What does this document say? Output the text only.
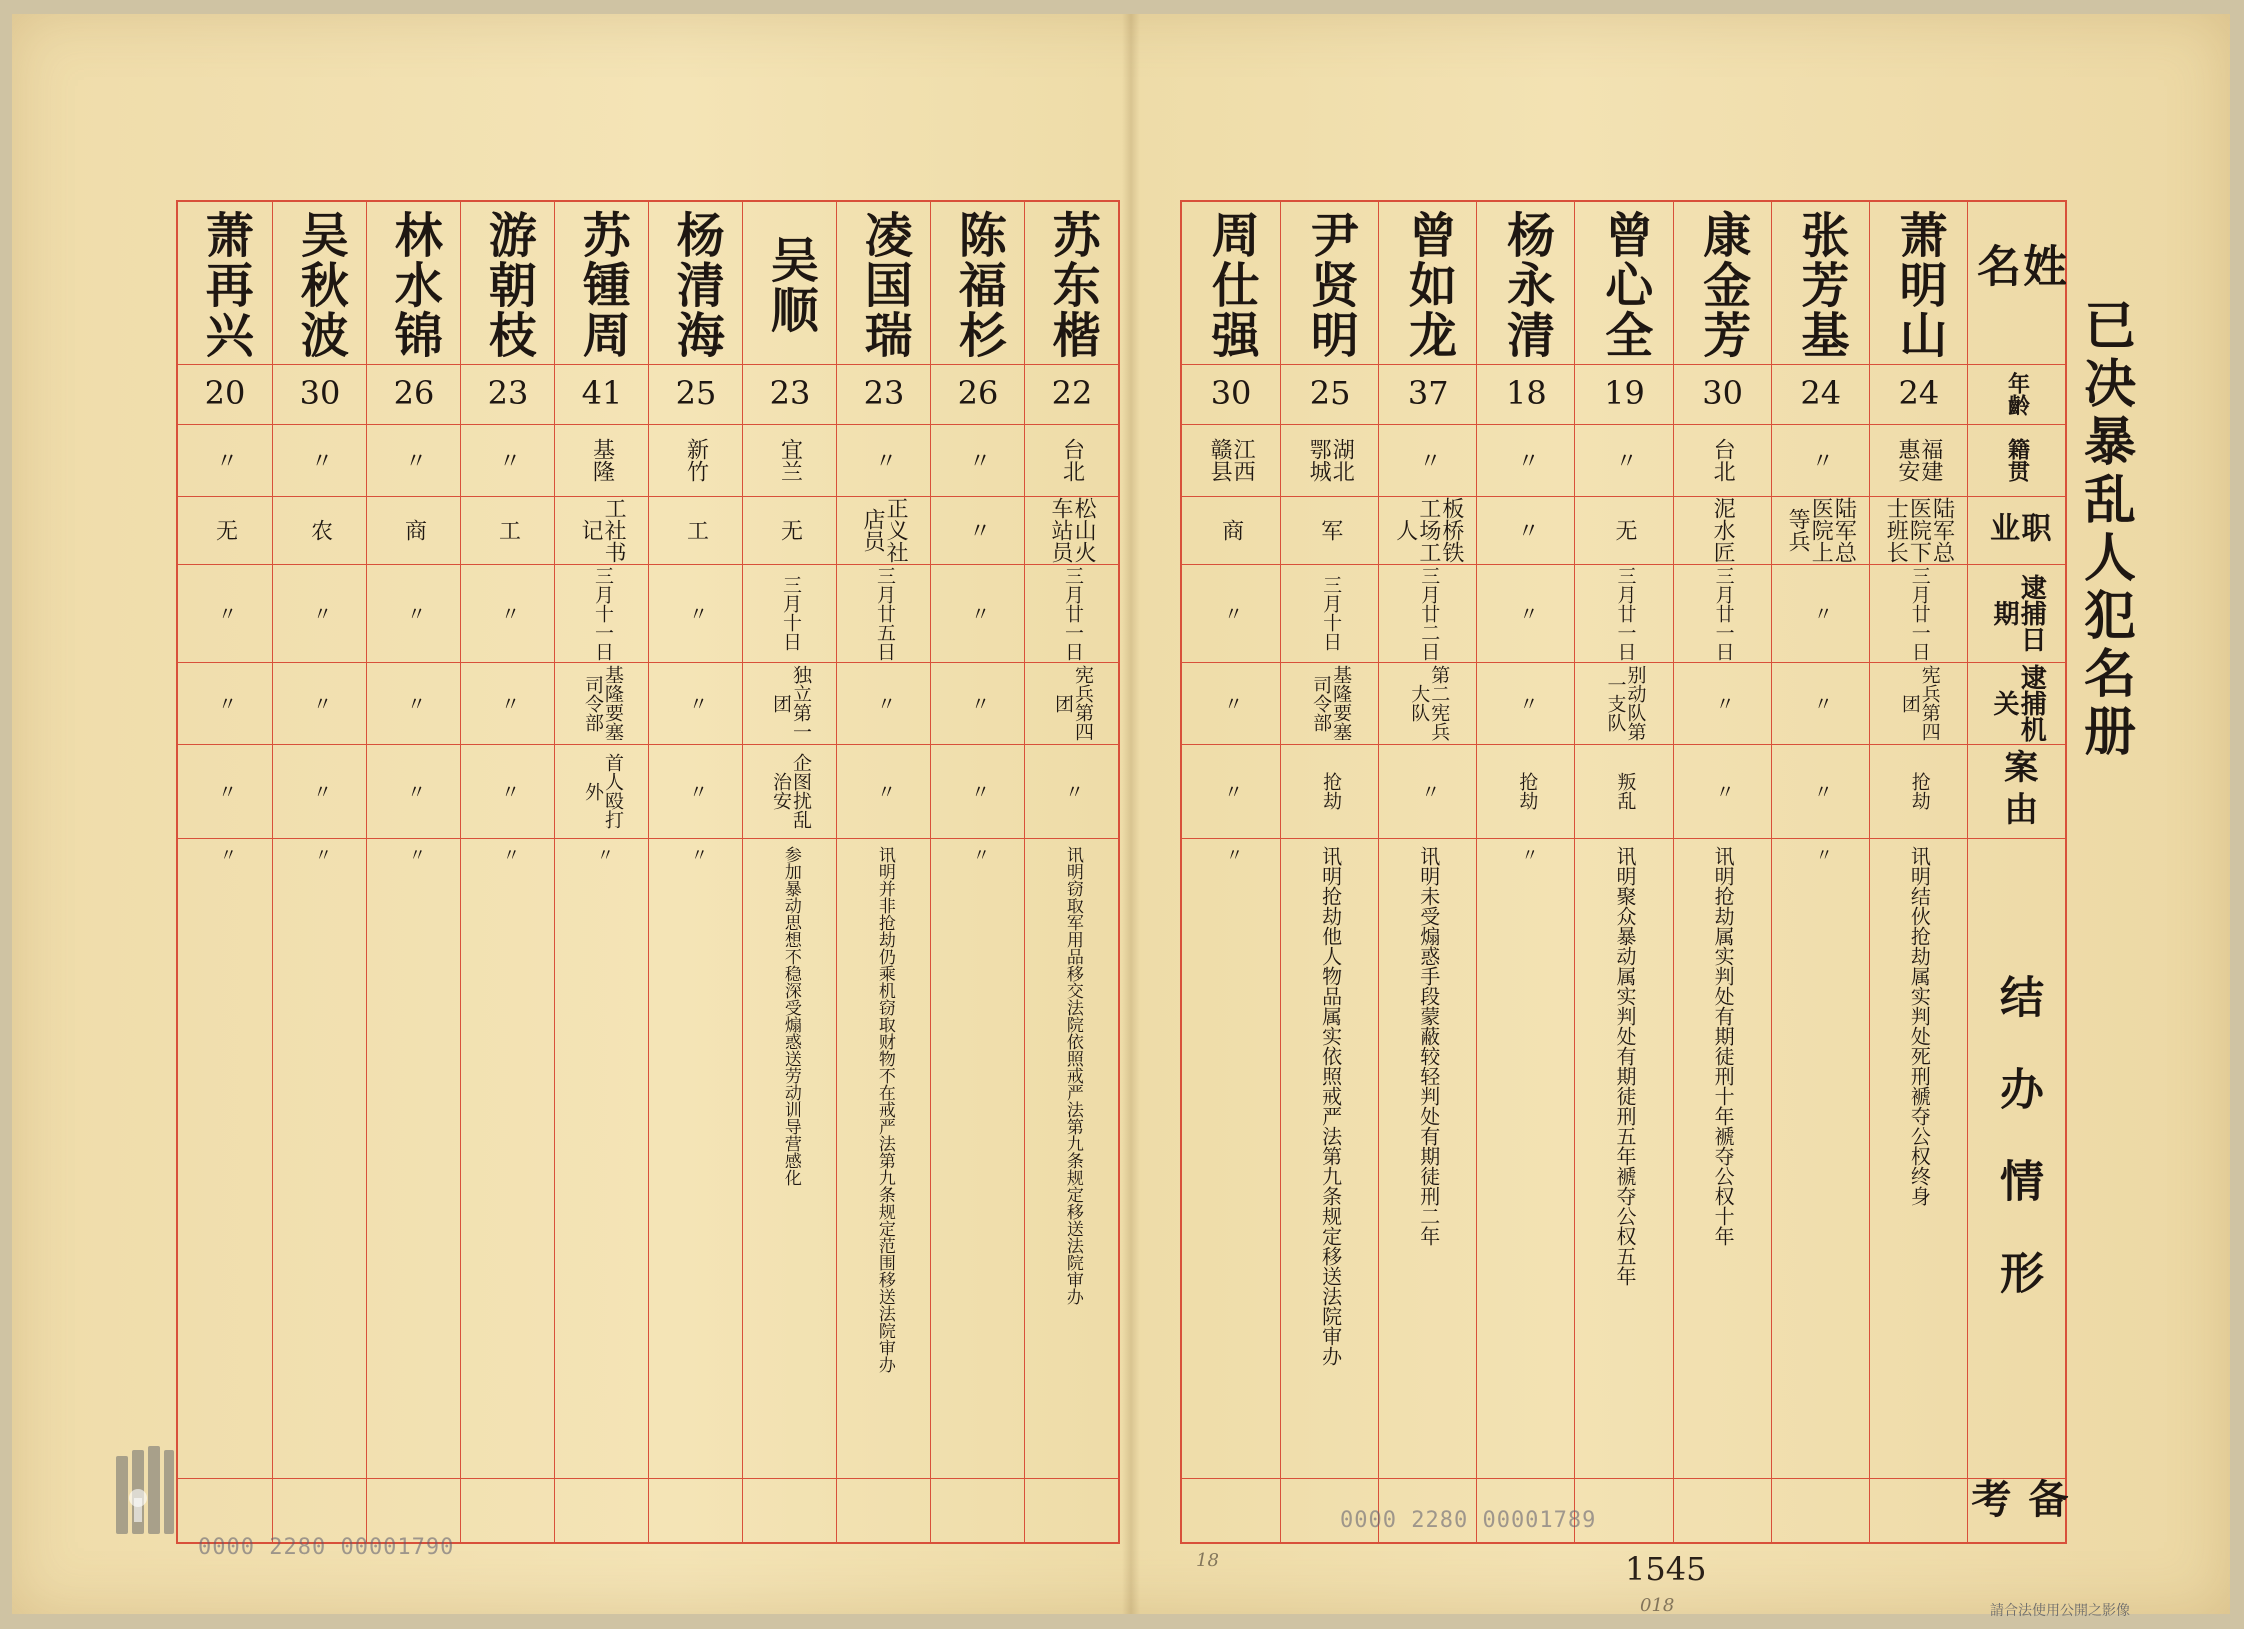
已决暴乱人犯名册
姓名
年齡
籍贯
职业
逮捕日期
逮捕机关
案由
结办情形
备考
萧明山
24
福建 惠安
陆军总医院下士班长
三月廿一日
宪兵第四团
抢劫
讯明结伙抢劫属实判处死刑褫夺公权终身
张芳基
24
〃
陆军总医院上等兵
〃
〃
〃
〃
康金芳
30
台北
泥水匠
三月廿一日
〃
〃
讯明抢劫属实判处有期徒刑十年褫夺公权十年
曾心全
19
〃
无
三月廿一日
别动队第一支队
叛乱
讯明聚众暴动属实判处有期徒刑五年褫夺公权五年
杨永清
18
〃
〃
〃
〃
抢劫
〃
曾如龙
37
〃
板桥铁工场工人
三月廿二日
第二宪兵大队
〃
讯明未受煽惑手段蒙蔽较轻判处有期徒刑二年
尹贤明
25
湖北 鄂城
军
三月十日
基隆要塞司令部
抢劫
讯明抢劫他人物品属实依照戒严法第九条规定移送法院审办
周仕强
30
江西 赣县
商
〃
〃
〃
〃
苏东楷
22
台北
松山火车站员
三月廿一日
宪兵第四团
〃
讯明窃取军用品移交法院依照戒严法第九条规定移送法院审办
陈福杉
26
〃
〃
〃
〃
〃
〃
凌国瑞
23
〃
正义社店员
三月廿五日
〃
〃
讯明并非抢劫仍乘机窃取财物不在戒严法第九条规定范围移送法院审办
吴顺
23
宜兰
无
三月十日
独立第一团
企图扰乱治安
参加暴动思想不稳深受煽惑送劳动训导营感化
杨清海
25
新竹
工
〃
〃
〃
〃
苏锺周
41
基隆
工社书记
三月十一日
基隆要塞司令部
首人殴打外
〃
游朝枝
23
〃
工
〃
〃
〃
〃
林水锦
26
〃
商
〃
〃
〃
〃
吴秋波
30
〃
农
〃
〃
〃
〃
萧再兴
20
〃
无
〃
〃
〃
〃
0000 2280 00001789
0000 2280 00001790
1545
18
018	請合法使用公開之影像
